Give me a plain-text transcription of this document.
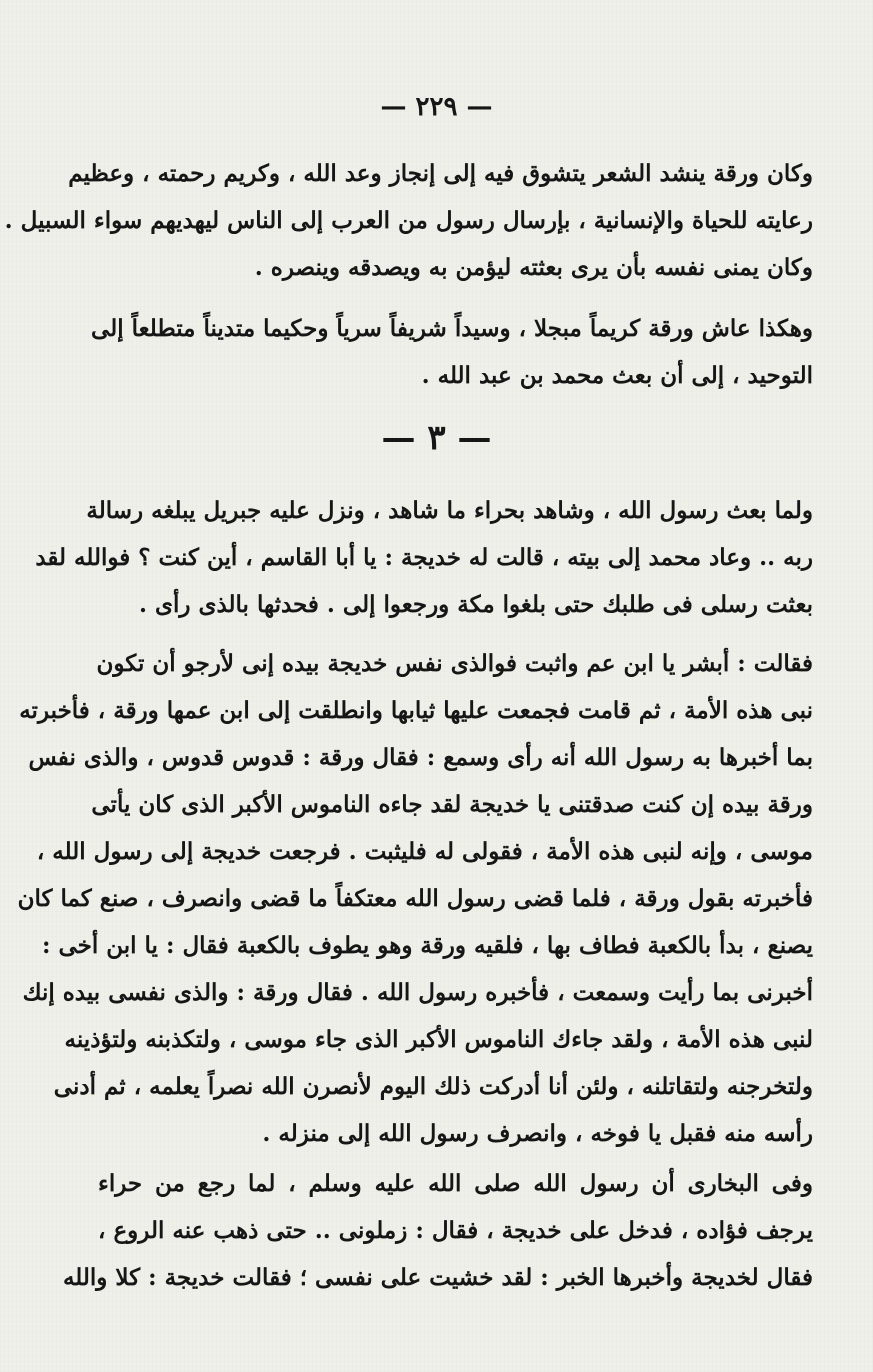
— ٢٢٩ —
وكان ورقة ينشد الشعر يتشوق فيه إلى إنجاز وعد الله ، وكريم رحمته ، وعظيم
رعايته للحياة والإنسانية ، بإرسال رسول من العرب إلى الناس ليهديهم سواء السبيل .
وكان يمنى نفسه بأن يرى بعثته ليؤمن به ويصدقه وينصره .
وهكذا عاش ورقة كريماً مبجلا ، وسيداً شريفاً سرياً وحكيما متديناً متطلعاً إلى
التوحيد ، إلى أن بعث محمد بن عبد الله .
— ٣ —
ولما بعث رسول الله ، وشاهد بحراء ما شاهد ، ونزل عليه جبريل يبلغه رسالة
ربه .. وعاد محمد إلى بيته ، قالت له خديجة : يا أبا القاسم ، أين كنت ؟ فوالله لقد
بعثت رسلى فى طلبك حتى بلغوا مكة ورجعوا إلى . فحدثها بالذى رأى .
فقالت : أبشر يا ابن عم واثبت فوالذى نفس خديجة بيده إنى لأرجو أن تكون
نبى هذه الأمة ، ثم قامت فجمعت عليها ثيابها وانطلقت إلى ابن عمها ورقة ، فأخبرته
بما أخبرها به رسول الله أنه رأى وسمع : فقال ورقة : قدوس قدوس ، والذى نفس
ورقة بيده إن كنت صدقتنى يا خديجة لقد جاءه الناموس الأكبر الذى كان يأتى
موسى ، وإنه لنبى هذه الأمة ، فقولى له فليثبت . فرجعت خديجة إلى رسول الله ،
فأخبرته بقول ورقة ، فلما قضى رسول الله معتكفاً ما قضى وانصرف ، صنع كما كان
يصنع ، بدأ بالكعبة فطاف بها ، فلقيه ورقة وهو يطوف بالكعبة فقال : يا ابن أخى :
أخبرنى بما رأيت وسمعت ، فأخبره رسول الله . فقال ورقة : والذى نفسى بيده إنك
لنبى هذه الأمة ، ولقد جاءك الناموس الأكبر الذى جاء موسى ، ولتكذبنه ولتؤذينه
ولتخرجنه ولتقاتلنه ، ولئن أنا أدركت ذلك اليوم لأنصرن الله نصراً يعلمه ، ثم أدنى
رأسه منه فقبل يا فوخه ، وانصرف رسول الله إلى منزله .
وفى البخارى أن رسول الله صلى الله عليه وسلم ، لما رجع من حراء
يرجف فؤاده ، فدخل على خديجة ، فقال : زملونى .. حتى ذهب عنه الروع ،
فقال لخديجة وأخبرها الخبر : لقد خشيت على نفسى ؛ فقالت خديجة : كلا والله
